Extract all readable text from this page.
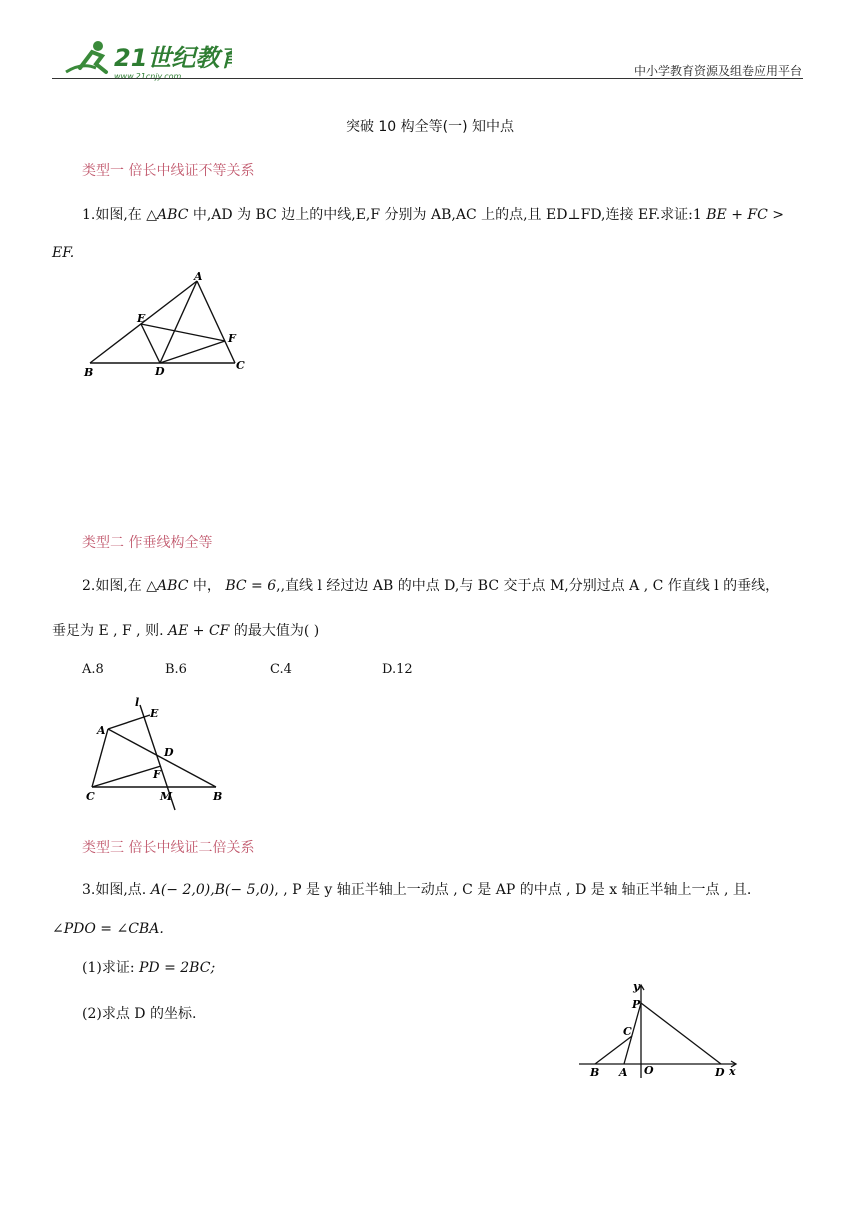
21世纪教育
www.21cnjy.com	中小学教育资源及组卷应用平台
突破 10 构全等(一) 知中点
类型一 倍长中线证不等关系
1.如图,在 △ABC 中,AD 为 BC 边上的中线,E,F 分别为 AB,AC 上的点,且 ED⊥FD,连接 EF.求证:1 BE + FC >
EF.
A
B
C
D
E
F
类型二 作垂线构全等
2.如图,在 △ABC 中， BC = 6,,直线 l 经过边 AB 的中点 D,与 BC 交于点 M,分别过点 A , C 作直线 l 的垂线，
垂足为 E , F , 则. AE + CF 的最大值为( )
A.8	B.6	C.4	D.12
l
E
A
D
F
C	M	B
类型三 倍长中线证二倍关系
3.如图,点. A(− 2,0),B(− 5,0), , P 是 y 轴正半轴上一动点 , C 是 AP 的中点 , D 是 x 轴正半轴上一点 , 且.
∠PDO = ∠CBA.
(1)求证: PD = 2BC;
(2)求点 D 的坐标.
y
P
C
B A O	D x
